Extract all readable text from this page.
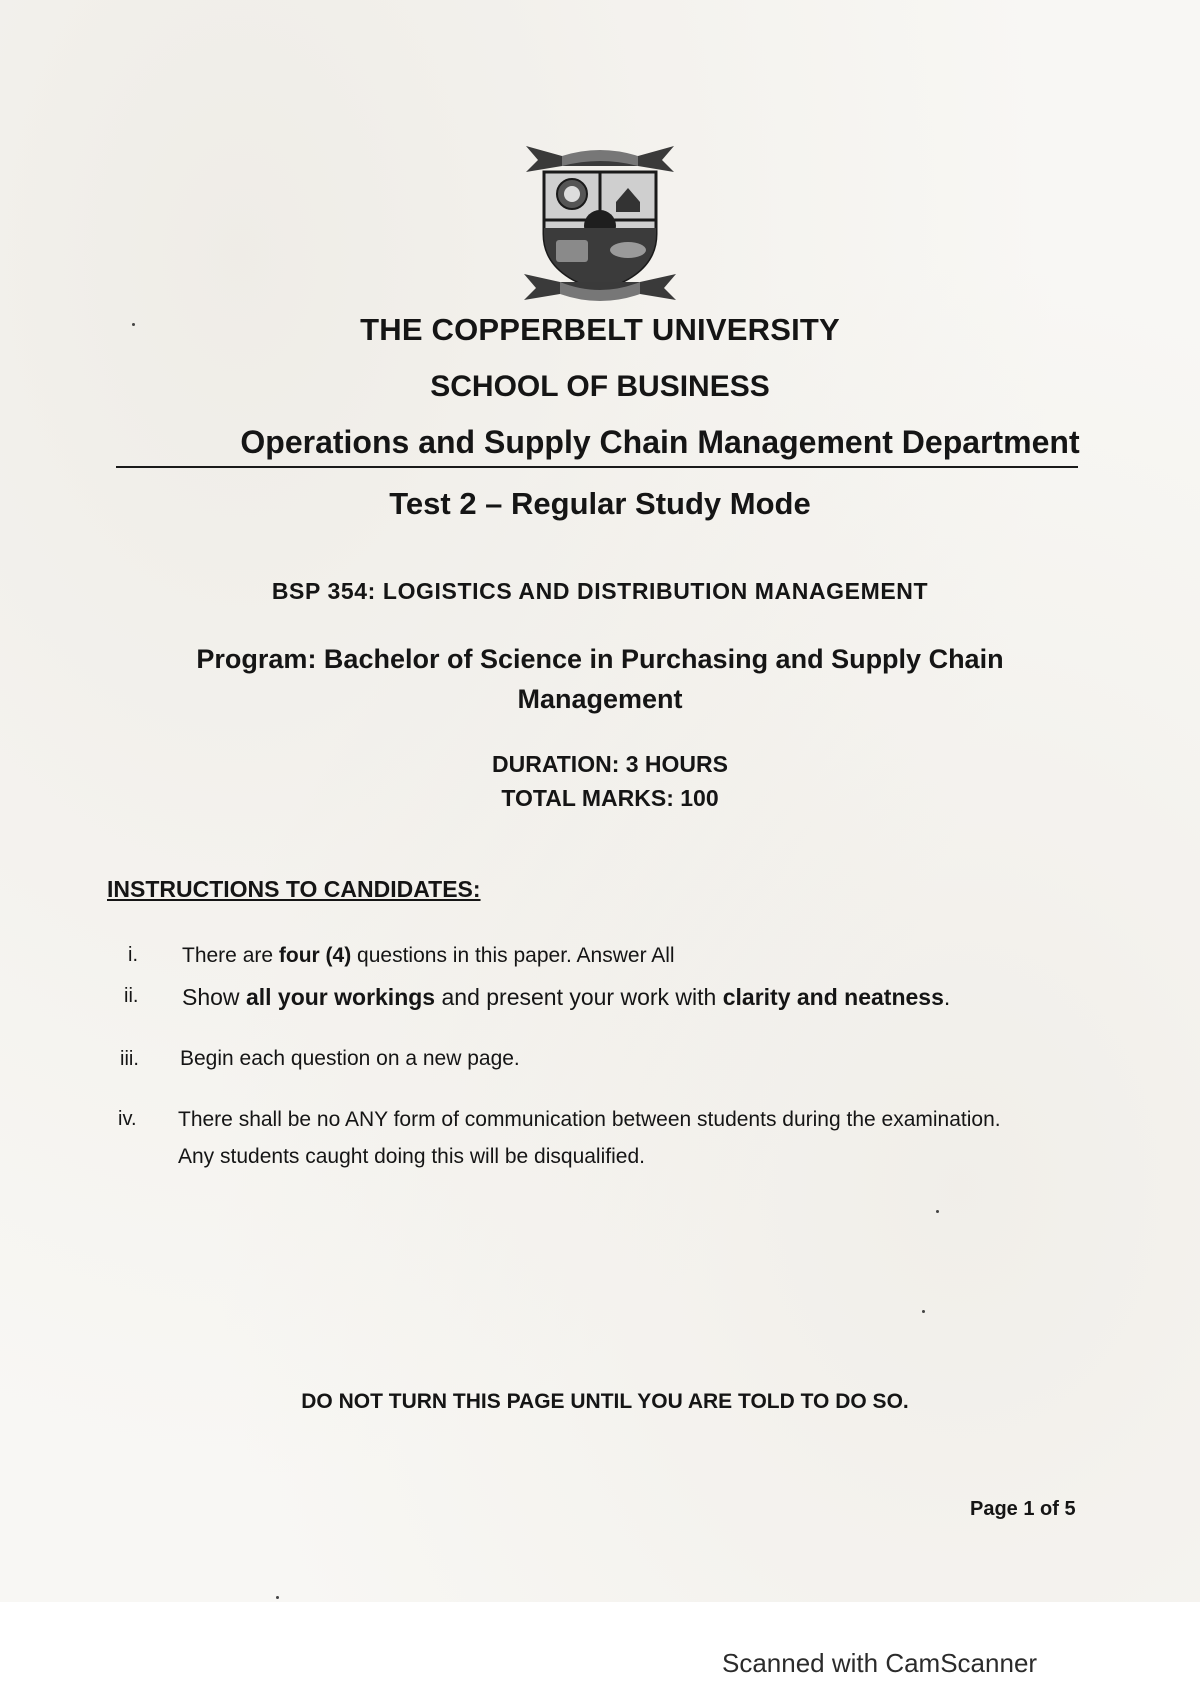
THE COPPERBELT UNIVERSITY
SCHOOL OF BUSINESS
Operations and Supply Chain Management Department
Test 2 – Regular Study Mode
BSP 354: LOGISTICS AND DISTRIBUTION MANAGEMENT
Program: Bachelor of Science in Purchasing and Supply Chain
Management
DURATION: 3 HOURS
TOTAL MARKS: 100
INSTRUCTIONS TO CANDIDATES:
i. There are four (4) questions in this paper. Answer All
ii. Show all your workings and present your work with clarity and neatness.
iii. Begin each question on a new page.
iv. There shall be no ANY form of communication between students during the examination.
Any students caught doing this will be disqualified.
DO NOT TURN THIS PAGE UNTIL YOU ARE TOLD TO DO SO.
Page 1 of 5
Scanned with CamScanner
